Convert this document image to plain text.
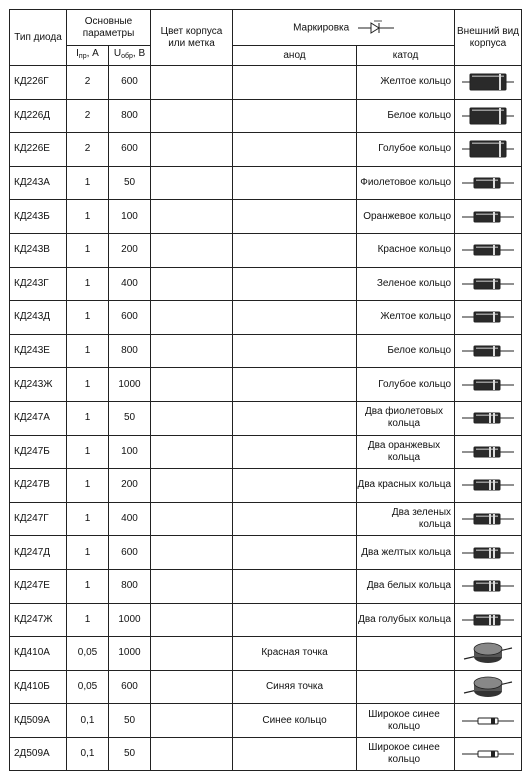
Тип диода	Основные параметры		Цвет корпуса или метка	Маркировка		Внешний вид корпуса
	$I_{пр}$, А	$U_{обр}$, В		анод	катод	
КД226Г	2	600			Желтое кольцо	

КД226Д	2	800			Белое кольцо	

КД226Е	2	600			Голубое кольцо	

КД243А	1	50			Фиолетовое кольцо	

КД243Б	1	100			Оранжевое кольцо	

КД243В	1	200			Красное кольцо	

КД243Г	1	400			Зеленое кольцо	

КД243Д	1	600			Желтое кольцо	

КД243Е	1	800			Белое кольцо	

КД243Ж	1	1000			Голубое кольцо	

КД247А	1	50			Два фиолетовых кольца	

КД247Б	1	100			Два оранжевых кольца	

КД247В	1	200			Два красных кольца	

КД247Г	1	400			Два зеленых кольца	

КД247Д	1	600			Два желтых кольца	

КД247Е	1	800			Два белых кольца	

КД247Ж	1	1000			Два голубых кольца	

КД410А	0,05	1000		Красная точка		

КД410Б	0,05	600		Синяя точка		

КД509А	0,1	50		Синее кольцо	Широкое синее кольцо	

2Д509А	0,1	50			Широкое синее кольцо	
